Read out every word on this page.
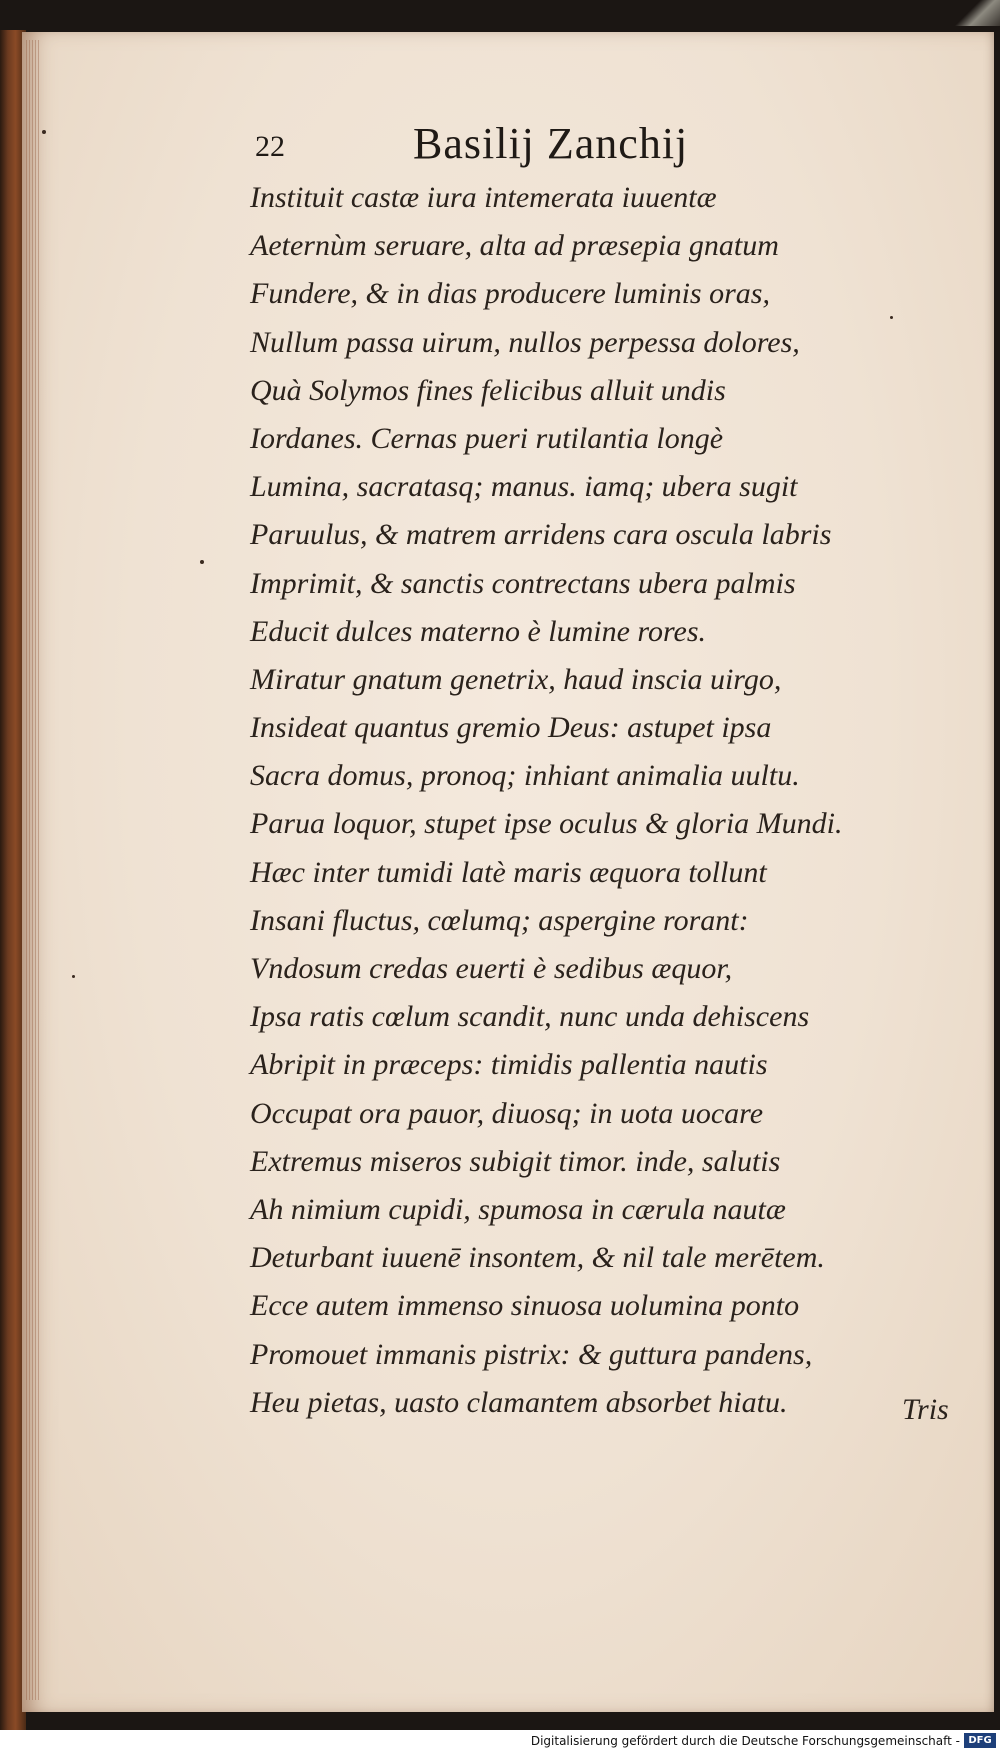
22	Basilij Zanchij
Instituit castæ iura intemerata iuuentæ
Aeternùm seruare, alta ad præsepia gnatum
Fundere, & in dias producere luminis oras,
Nullum passa uirum, nullos perpessa dolores,
Quà Solymos fines felicibus alluit undis
Iordanes. Cernas pueri rutilantia longè
Lumina, sacratasq; manus. iamq; ubera sugit
Paruulus, & matrem arridens cara oscula labris
Imprimit, & sanctis contrectans ubera palmis
Educit dulces materno è lumine rores.
Miratur gnatum genetrix, haud inscia uirgo,
Insideat quantus gremio Deus: astupet ipsa
Sacra domus, pronoq; inhiant animalia uultu.
Parua loquor, stupet ipse oculus & gloria Mundi.
Hæc inter tumidi latè maris æquora tollunt
Insani fluctus, cœlumq; aspergine rorant:
Vndosum credas euerti è sedibus æquor,
Ipsa ratis cœlum scandit, nunc unda dehiscens
Abripit in præceps: timidis pallentia nautis
Occupat ora pauor, diuosq; in uota uocare
Extremus miseros subigit timor. inde, salutis
Ah nimium cupidi, spumosa in cærula nautæ
Deturbant iuuenē insontem, & nil tale merētem.
Ecce autem immenso sinuosa uolumina ponto
Promouet immanis pistrix: & guttura pandens,
Heu pietas, uasto clamantem absorbet hiatu.	Tris
Digitalisierung gefördert durch die Deutsche Forschungsgemeinschaft - DFG
